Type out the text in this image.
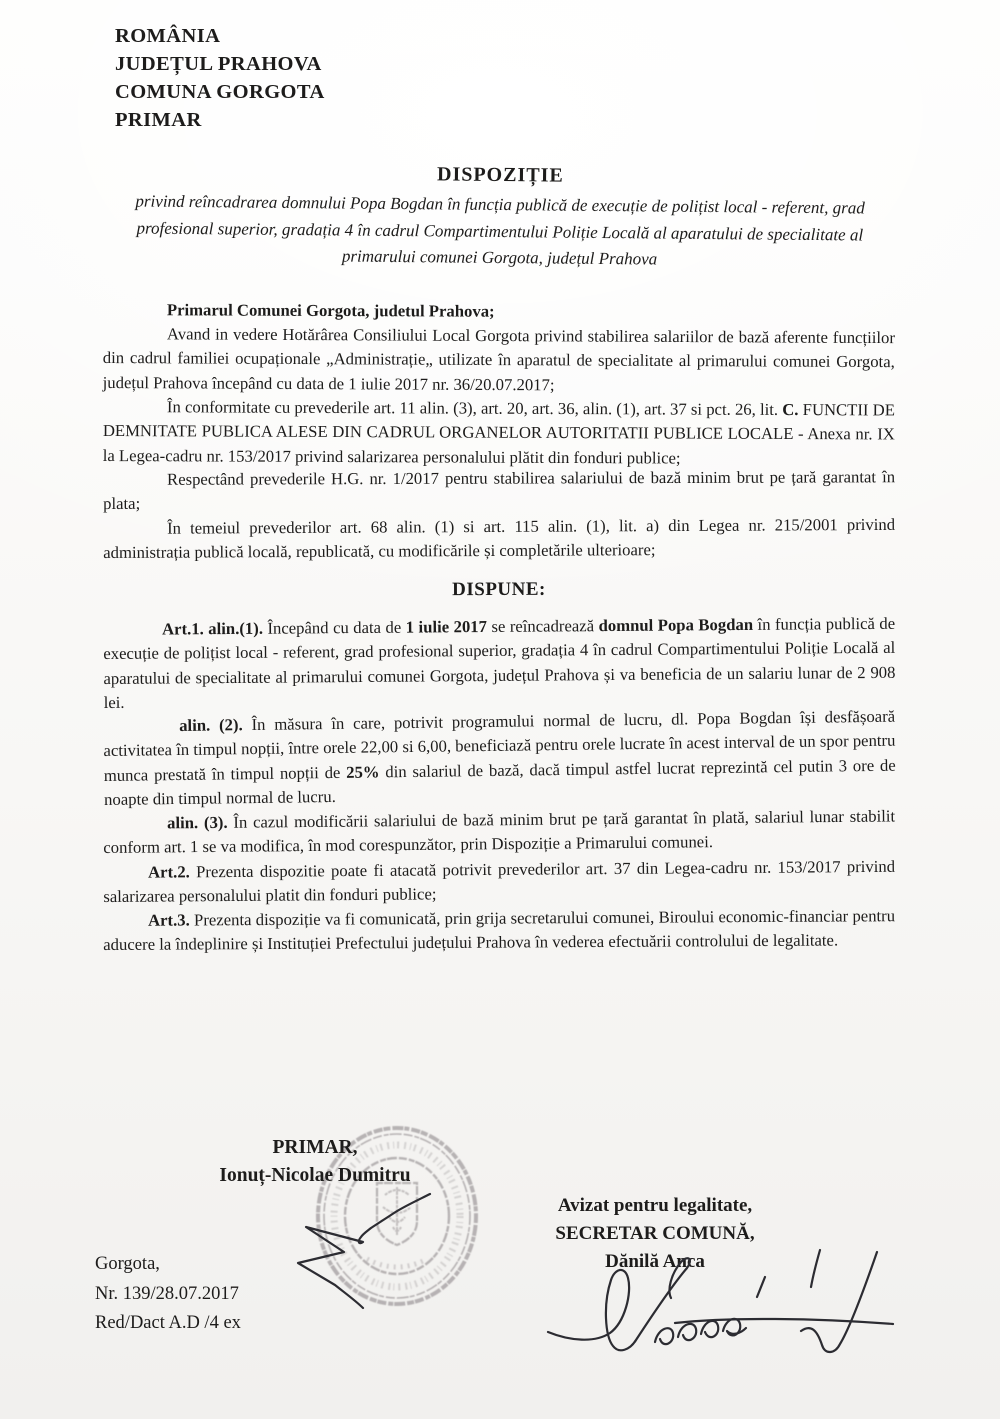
ROMÂNIA
JUDEȚUL PRAHOVA
COMUNA GORGOTA
PRIMAR
DISPOZIȚIE

privind reîncadrarea domnului Popa Bogdan în funcția publică de execuție de polițist local - referent, grad profesional superior, gradația 4 în cadrul Compartimentului Poliție Locală al aparatului de specialitate al primarului comunei Gorgota, județul Prahova

Primarul Comunei Gorgota, judetul Prahova;

Avand in vedere Hotărârea Consiliului Local Gorgota privind stabilirea salariilor de bază aferente funcțiilor din cadrul familiei ocupaționale „Administrație„ utilizate în aparatul de specialitate al primarului comunei Gorgota, județul Prahova începând cu data de 1 iulie 2017 nr. 36/20.07.2017;

În conformitate cu prevederile art. 11 alin. (3), art. 20, art. 36, alin. (1), art. 37 si pct. 26, lit. C. FUNCTII DE DEMNITATE PUBLICA ALESE DIN CADRUL ORGANELOR AUTORITATII PUBLICE LOCALE - Anexa nr. IX la Legea-cadru nr. 153/2017 privind salarizarea personalului plătit din fonduri publice;

Respectând prevederile H.G. nr. 1/2017 pentru stabilirea salariului de bază minim brut pe țară garantat în plata;

În temeiul prevederilor art. 68 alin. (1) si art. 115 alin. (1), lit. a) din Legea nr. 215/2001 privind administrația publică locală, republicată, cu modificările și completările ulterioare;

DISPUNE:

Art.1. alin.(1). Începând cu data de 1 iulie 2017 se reîncadrează domnul Popa Bogdan în funcția publică de execuție de polițist local - referent, grad profesional superior, gradația 4 în cadrul Compartimentului Poliție Locală al aparatului de specialitate al primarului comunei Gorgota, județul Prahova și va beneficia de un salariu lunar de 2 908 lei.

alin. (2). În măsura în care, potrivit programului normal de lucru, dl. Popa Bogdan își desfășoară activitatea în timpul nopții, între orele 22,00 si 6,00, beneficiază pentru orele lucrate în acest interval de un spor pentru munca prestată în timpul nopții de 25% din salariul de bază, dacă timpul astfel lucrat reprezintă cel putin 3 ore de noapte din timpul normal de lucru.

alin. (3). În cazul modificării salariului de bază minim brut pe țară garantat în plată, salariul lunar stabilit conform art. 1 se va modifica, în mod corespunzător, prin Dispoziție a Primarului comunei.

Art.2. Prezenta dispozitie poate fi atacată potrivit prevederilor art. 37 din Legea-cadru nr. 153/2017 privind salarizarea personalului platit din fonduri publice;

Art.3. Prezenta dispoziție va fi comunicată, prin grija secretarului comunei, Biroului economic-financiar pentru aducere la îndeplinire și Instituției Prefectului județului Prahova în vederea efectuării controlului de legalitate.

PRIMAR,
Ionuț-Nicolae Dumitru
Avizat pentru legalitate,
SECRETAR COMUNĂ,
Dănilă Anca
Gorgota,
Nr. 139/28.07.2017
Red/Dact A.D /4 ex
